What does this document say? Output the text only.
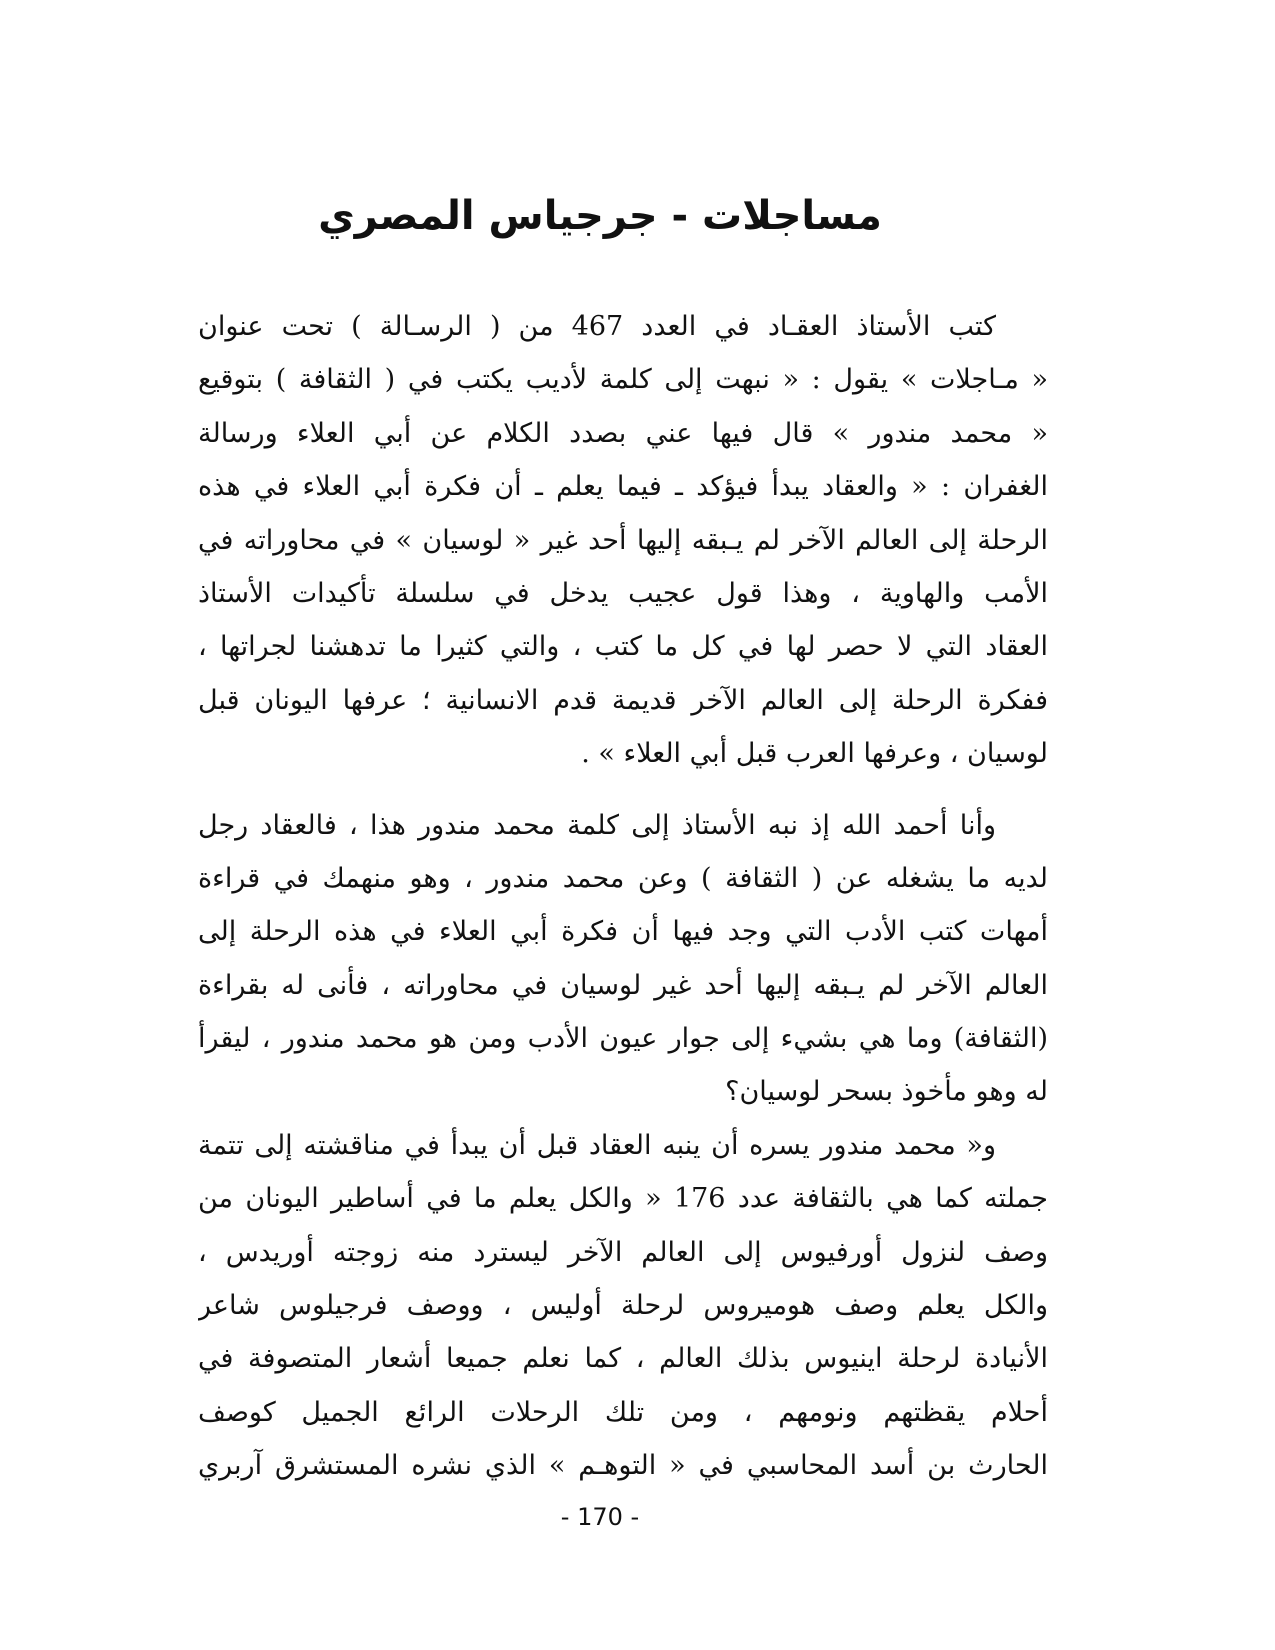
مساجلات - جرجياس المصري
كتب الأستاذ العقـاد في العدد 467 من ( الرسـالة ) تحت عنوان
« مـاجلات » يقول : « نبهت إلى كلمة لأديب يكتب في ( الثقافة ) بتوقيع
« محمد مندور » قال فيها عني بصدد الكلام عن أبي العلاء ورسالة
الغفران : « والعقاد يبدأ فيؤكد ـ فيما يعلم ـ أن فكرة أبي العلاء في هذه
الرحلة إلى العالم الآخر لم يـبقه إليها أحد غير « لوسيان » في محاوراته في
الأمب والهاوية ، وهذا قول عجيب يدخل في سلسلة تأكيدات الأستاذ
العقاد التي لا حصر لها في كل ما كتب ، والتي كثيرا ما تدهشنا لجراتها ،
ففكرة الرحلة إلى العالم الآخر قديمة قدم الانسانية ؛ عرفها اليونان قبل
لوسيان ، وعرفها العرب قبل أبي العلاء » .
وأنا أحمد الله إذ نبه الأستاذ إلى كلمة محمد مندور هذا ، فالعقاد رجل
لديه ما يشغله عن ( الثقافة ) وعن محمد مندور ، وهو منهمك في قراءة
أمهات كتب الأدب التي وجد فيها أن فكرة أبي العلاء في هذه الرحلة إلى
العالم الآخر لم يـبقه إليها أحد غير لوسيان في محاوراته ، فأنى له بقراءة
(الثقافة) وما هي بشيء إلى جوار عيون الأدب ومن هو محمد مندور ، ليقرأ
له وهو مأخوذ بسحر لوسيان؟
و« محمد مندور يسره أن ينبه العقاد قبل أن يبدأ في مناقشته إلى تتمة
جملته كما هي بالثقافة عدد 176 « والكل يعلم ما في أساطير اليونان من
وصف لنزول أورفيوس إلى العالم الآخر ليسترد منه زوجته أوريدس ،
والكل يعلم وصف هوميروس لرحلة أوليس ، ووصف فرجيلوس شاعر
الأنيادة لرحلة اينيوس بذلك العالم ، كما نعلم جميعا أشعار المتصوفة في
أحلام يقظتهم ونومهم ، ومن تلك الرحلات الرائع الجميل كوصف
الحارث بن أسد المحاسبي في « التوهـم » الذي نشره المستشرق آربري
- 170 -
